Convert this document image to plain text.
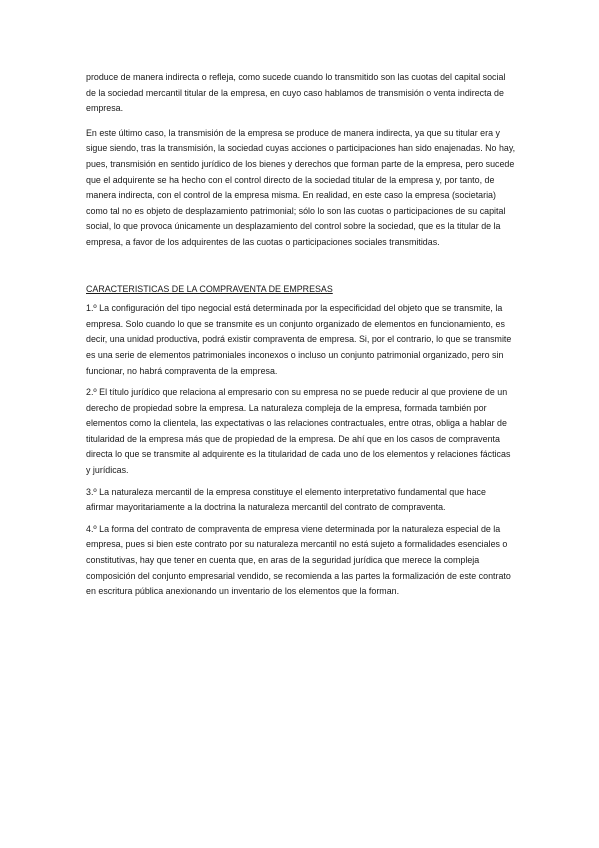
produce de manera indirecta o refleja, como sucede cuando lo transmitido son las cuotas del capital social de la sociedad mercantil titular de la empresa, en cuyo caso hablamos de transmisión o venta indirecta de empresa.

En este último caso, la transmisión de la empresa se produce de manera indirecta, ya que su titular era y sigue siendo, tras la transmisión, la sociedad cuyas acciones o participaciones han sido enajenadas. No hay, pues, transmisión en sentido jurídico de los bienes y derechos que forman parte de la empresa, pero sucede que el adquirente se ha hecho con el control directo de la sociedad titular de la empresa y, por tanto, de manera indirecta, con el control de la empresa misma. En realidad, en este caso la empresa (societaria) como tal no es objeto de desplazamiento patrimonial; sólo lo son las cuotas o participaciones de su capital social, lo que provoca únicamente un desplazamiento del control sobre la sociedad, que es la titular de la empresa, a favor de los adquirentes de las cuotas o participaciones sociales transmitidas.

CARACTERISTICAS DE LA COMPRAVENTA DE EMPRESAS

1.º La configuración del tipo negocial está determinada por la especificidad del objeto que se transmite, la empresa. Solo cuando lo que se transmite es un conjunto organizado de elementos en funcionamiento, es decir, una unidad productiva, podrá existir compraventa de empresa. Si, por el contrario, lo que se transmite es una serie de elementos patrimoniales inconexos o incluso un conjunto patrimonial organizado, pero sin funcionar, no habrá compraventa de la empresa.

2.º El título jurídico que relaciona al empresario con su empresa no se puede reducir al que proviene de un derecho de propiedad sobre la empresa. La naturaleza compleja de la empresa, formada también por elementos como la clientela, las expectativas o las relaciones contractuales, entre otras, obliga a hablar de titularidad de la empresa más que de propiedad de la empresa. De ahí que en los casos de compraventa directa lo que se transmite al adquirente es la titularidad de cada uno de los elementos y relaciones fácticas y jurídicas.

3.º La naturaleza mercantil de la empresa constituye el elemento interpretativo fundamental que hace afirmar mayoritariamente a la doctrina la naturaleza mercantil del contrato de compraventa.

4.º La forma del contrato de compraventa de empresa viene determinada por la naturaleza especial de la empresa, pues si bien este contrato por su naturaleza mercantil no está sujeto a formalidades esenciales o constitutivas, hay que tener en cuenta que, en aras de la seguridad jurídica que merece la compleja composición del conjunto empresarial vendido, se recomienda a las partes la formalización de este contrato en escritura pública anexionando un inventario de los elementos que la forman.
